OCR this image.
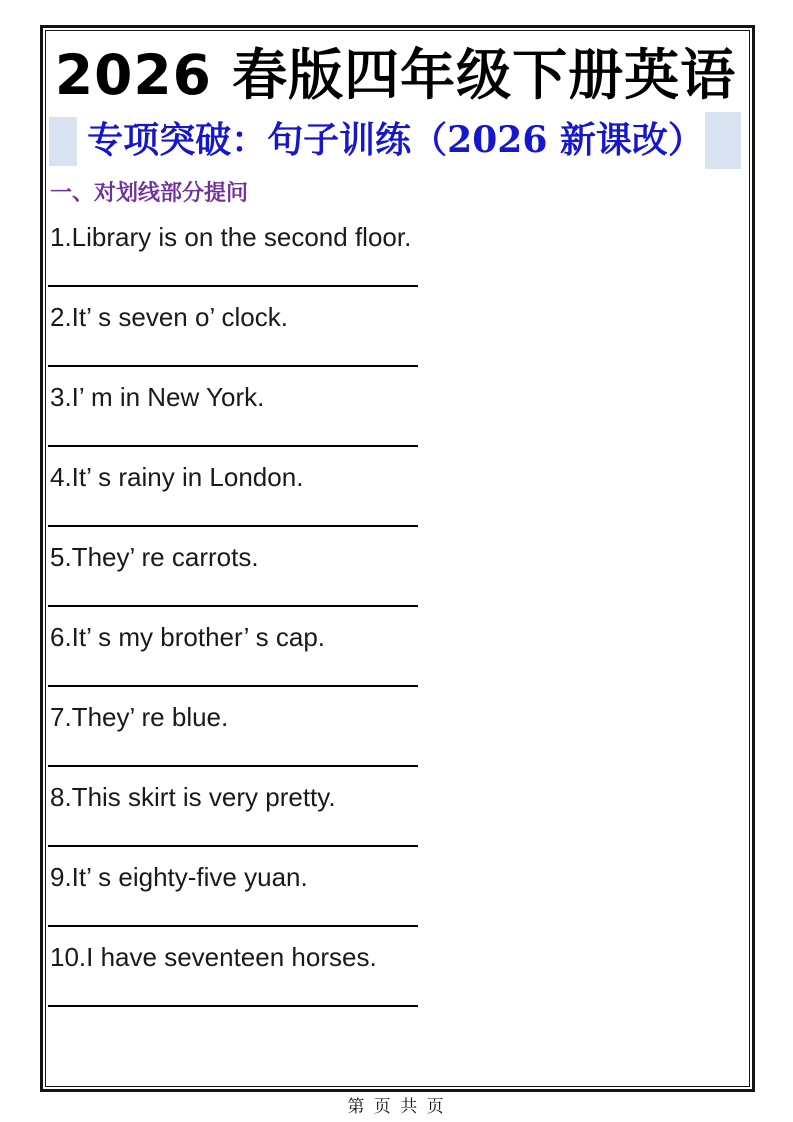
2026 春版四年级下册英语
专项突破：句子训练（2026 新课改）
一、对划线部分提问
1.Library is on the second floor.
2.It’ s seven o’ clock.
3.I’ m in New York.
4.It’ s rainy in London.
5.They’ re carrots.
6.It’ s my brother’ s cap.
7.They’ re blue.
8.This skirt is very pretty.
9.It’ s eighty-five yuan.
10.I have seventeen horses.
第 页 共 页
